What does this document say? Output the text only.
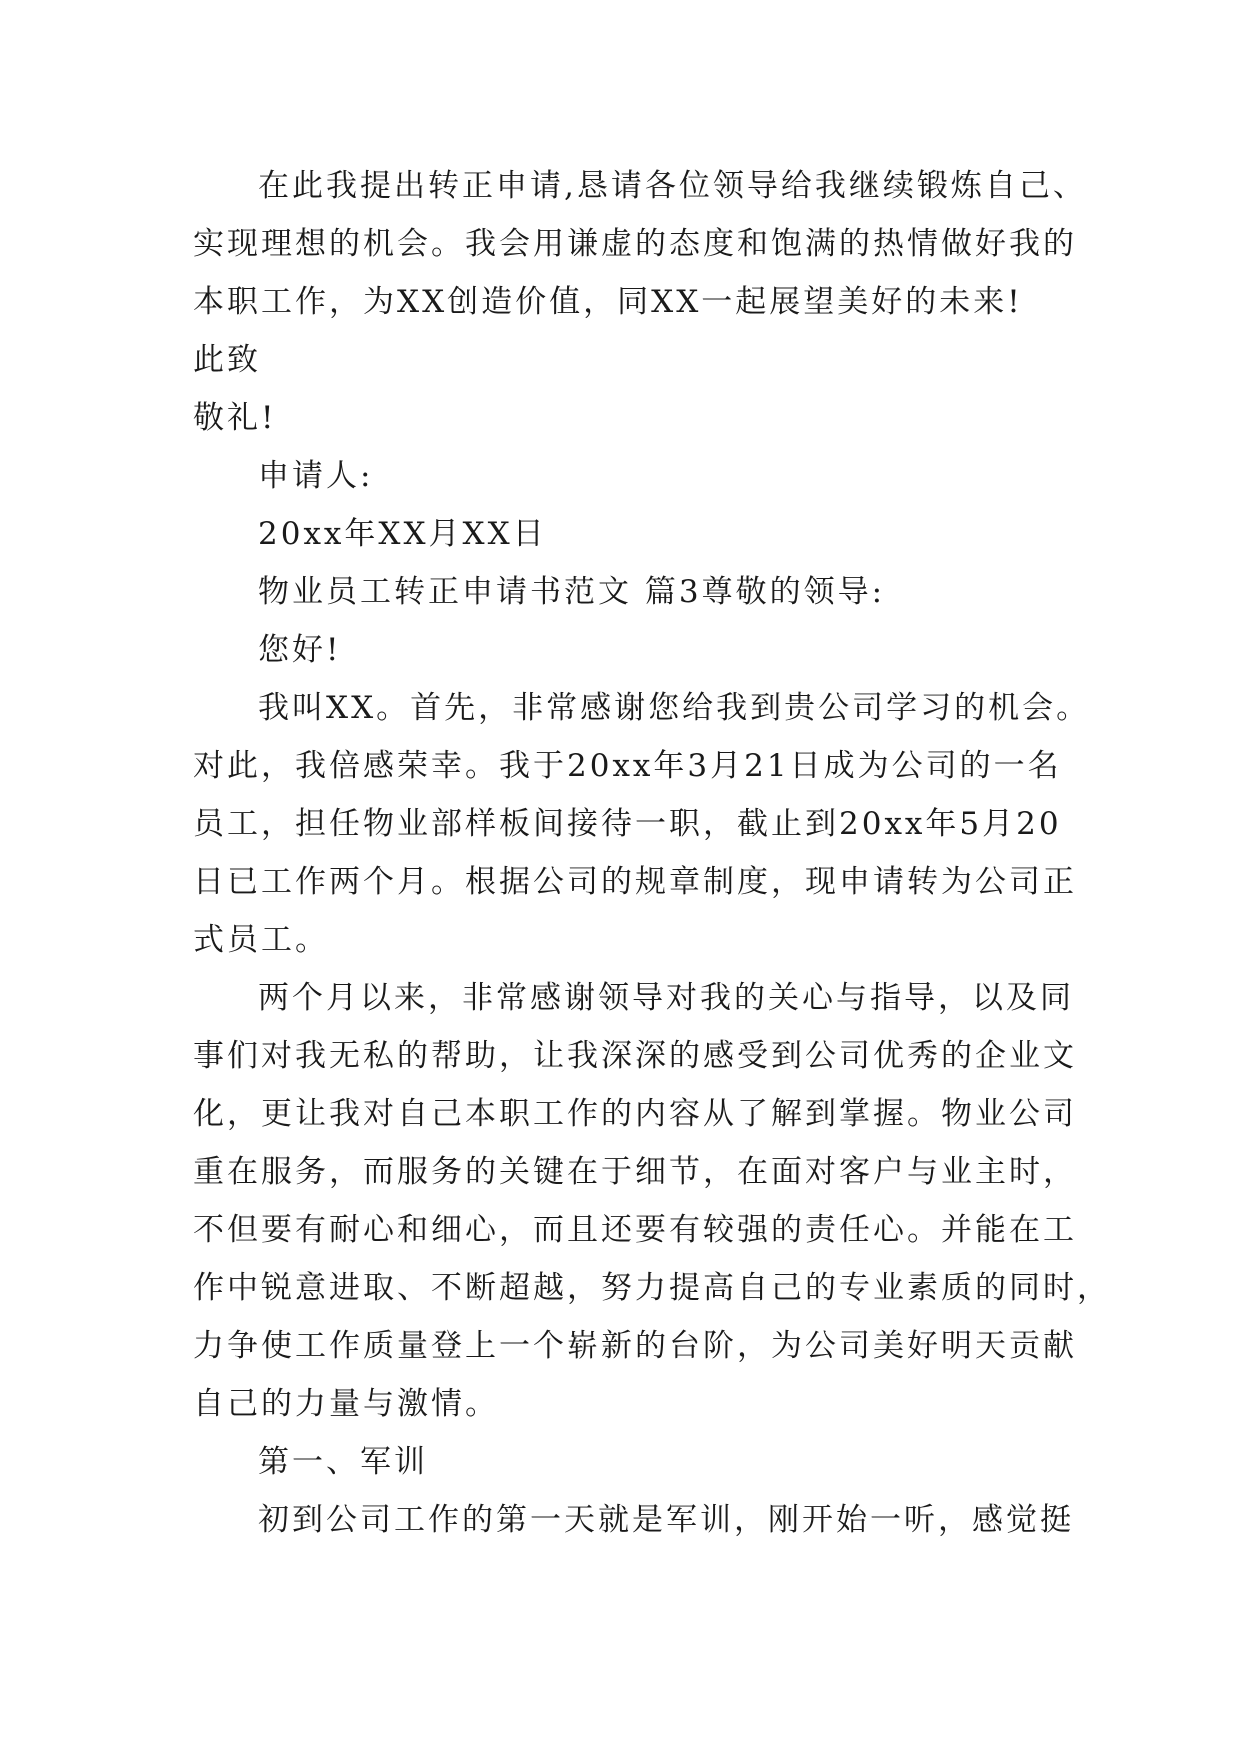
在此我提出转正申请,恳请各位领导给我继续锻炼自己、
实现理想的机会。我会用谦虚的态度和饱满的热情做好我的
本职工作，为XX创造价值，同XX一起展望美好的未来!
此致
敬礼!
申请人:
20xx年XX月XX日
物业员工转正申请书范文 篇3尊敬的领导:
您好!
我叫XX。首先，非常感谢您给我到贵公司学习的机会。
对此，我倍感荣幸。我于20xx年3月21日成为公司的一名
员工，担任物业部样板间接待一职，截止到20xx年5月20
日已工作两个月。根据公司的规章制度，现申请转为公司正
式员工。
两个月以来，非常感谢领导对我的关心与指导，以及同
事们对我无私的帮助，让我深深的感受到公司优秀的企业文
化，更让我对自己本职工作的内容从了解到掌握。物业公司
重在服务，而服务的关键在于细节，在面对客户与业主时，
不但要有耐心和细心，而且还要有较强的责任心。并能在工
作中锐意进取、不断超越，努力提高自己的专业素质的同时，
力争使工作质量登上一个崭新的台阶，为公司美好明天贡献
自己的力量与激情。
第一、军训
初到公司工作的第一天就是军训，刚开始一听，感觉挺
